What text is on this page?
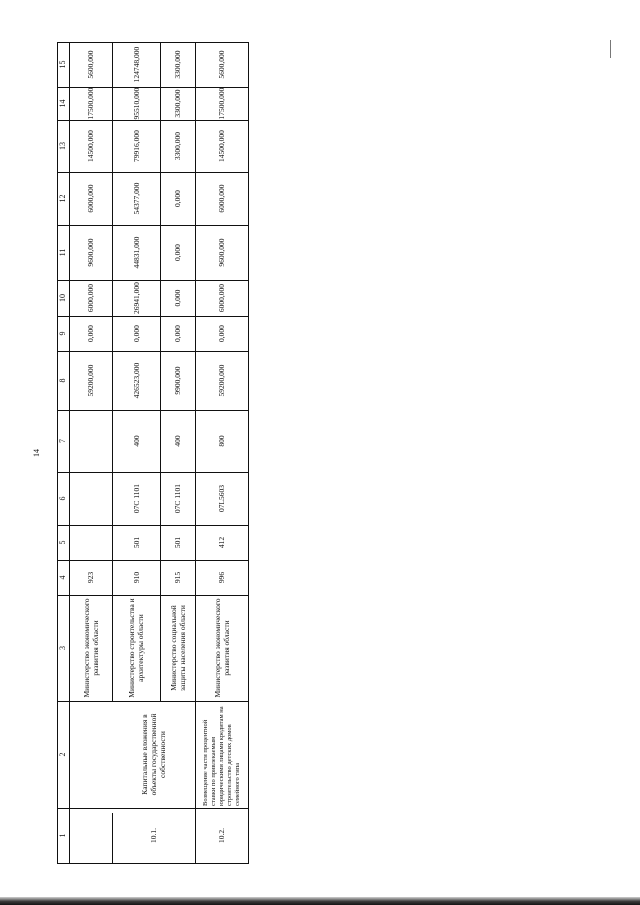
14
1
2
3
4
5
6
7
8
9
10
11
12
13
14
15
10.1.
Капитальные вложения в объекты государственной собственности
10.2.
Возмещение части процентной ставки по привлекаемым юридическими лицами кредитам на строительство детских домов семейного типа
Министерство экономического развития области
923
59200,000
0,000
6000,000
9600,000
6000,000
14500,000
17500,000
5600,000
Министерство строительства и архитектуры области
910
501
07С 1101
400
426523,000
0,000
26941,000
44831,000
54377,000
79916,000
95510,000
124748,000
Министерство социальной защиты населения области
915
501
07С 1101
400
9900,000
0,000
0,000
0,000
0,000
3300,000
3300,000
3300,000
Министерство экономического развития области
996
412
07L5603
800
59200,000
0,000
6000,000
9600,000
6000,000
14500,000
17500,000
5600,000
